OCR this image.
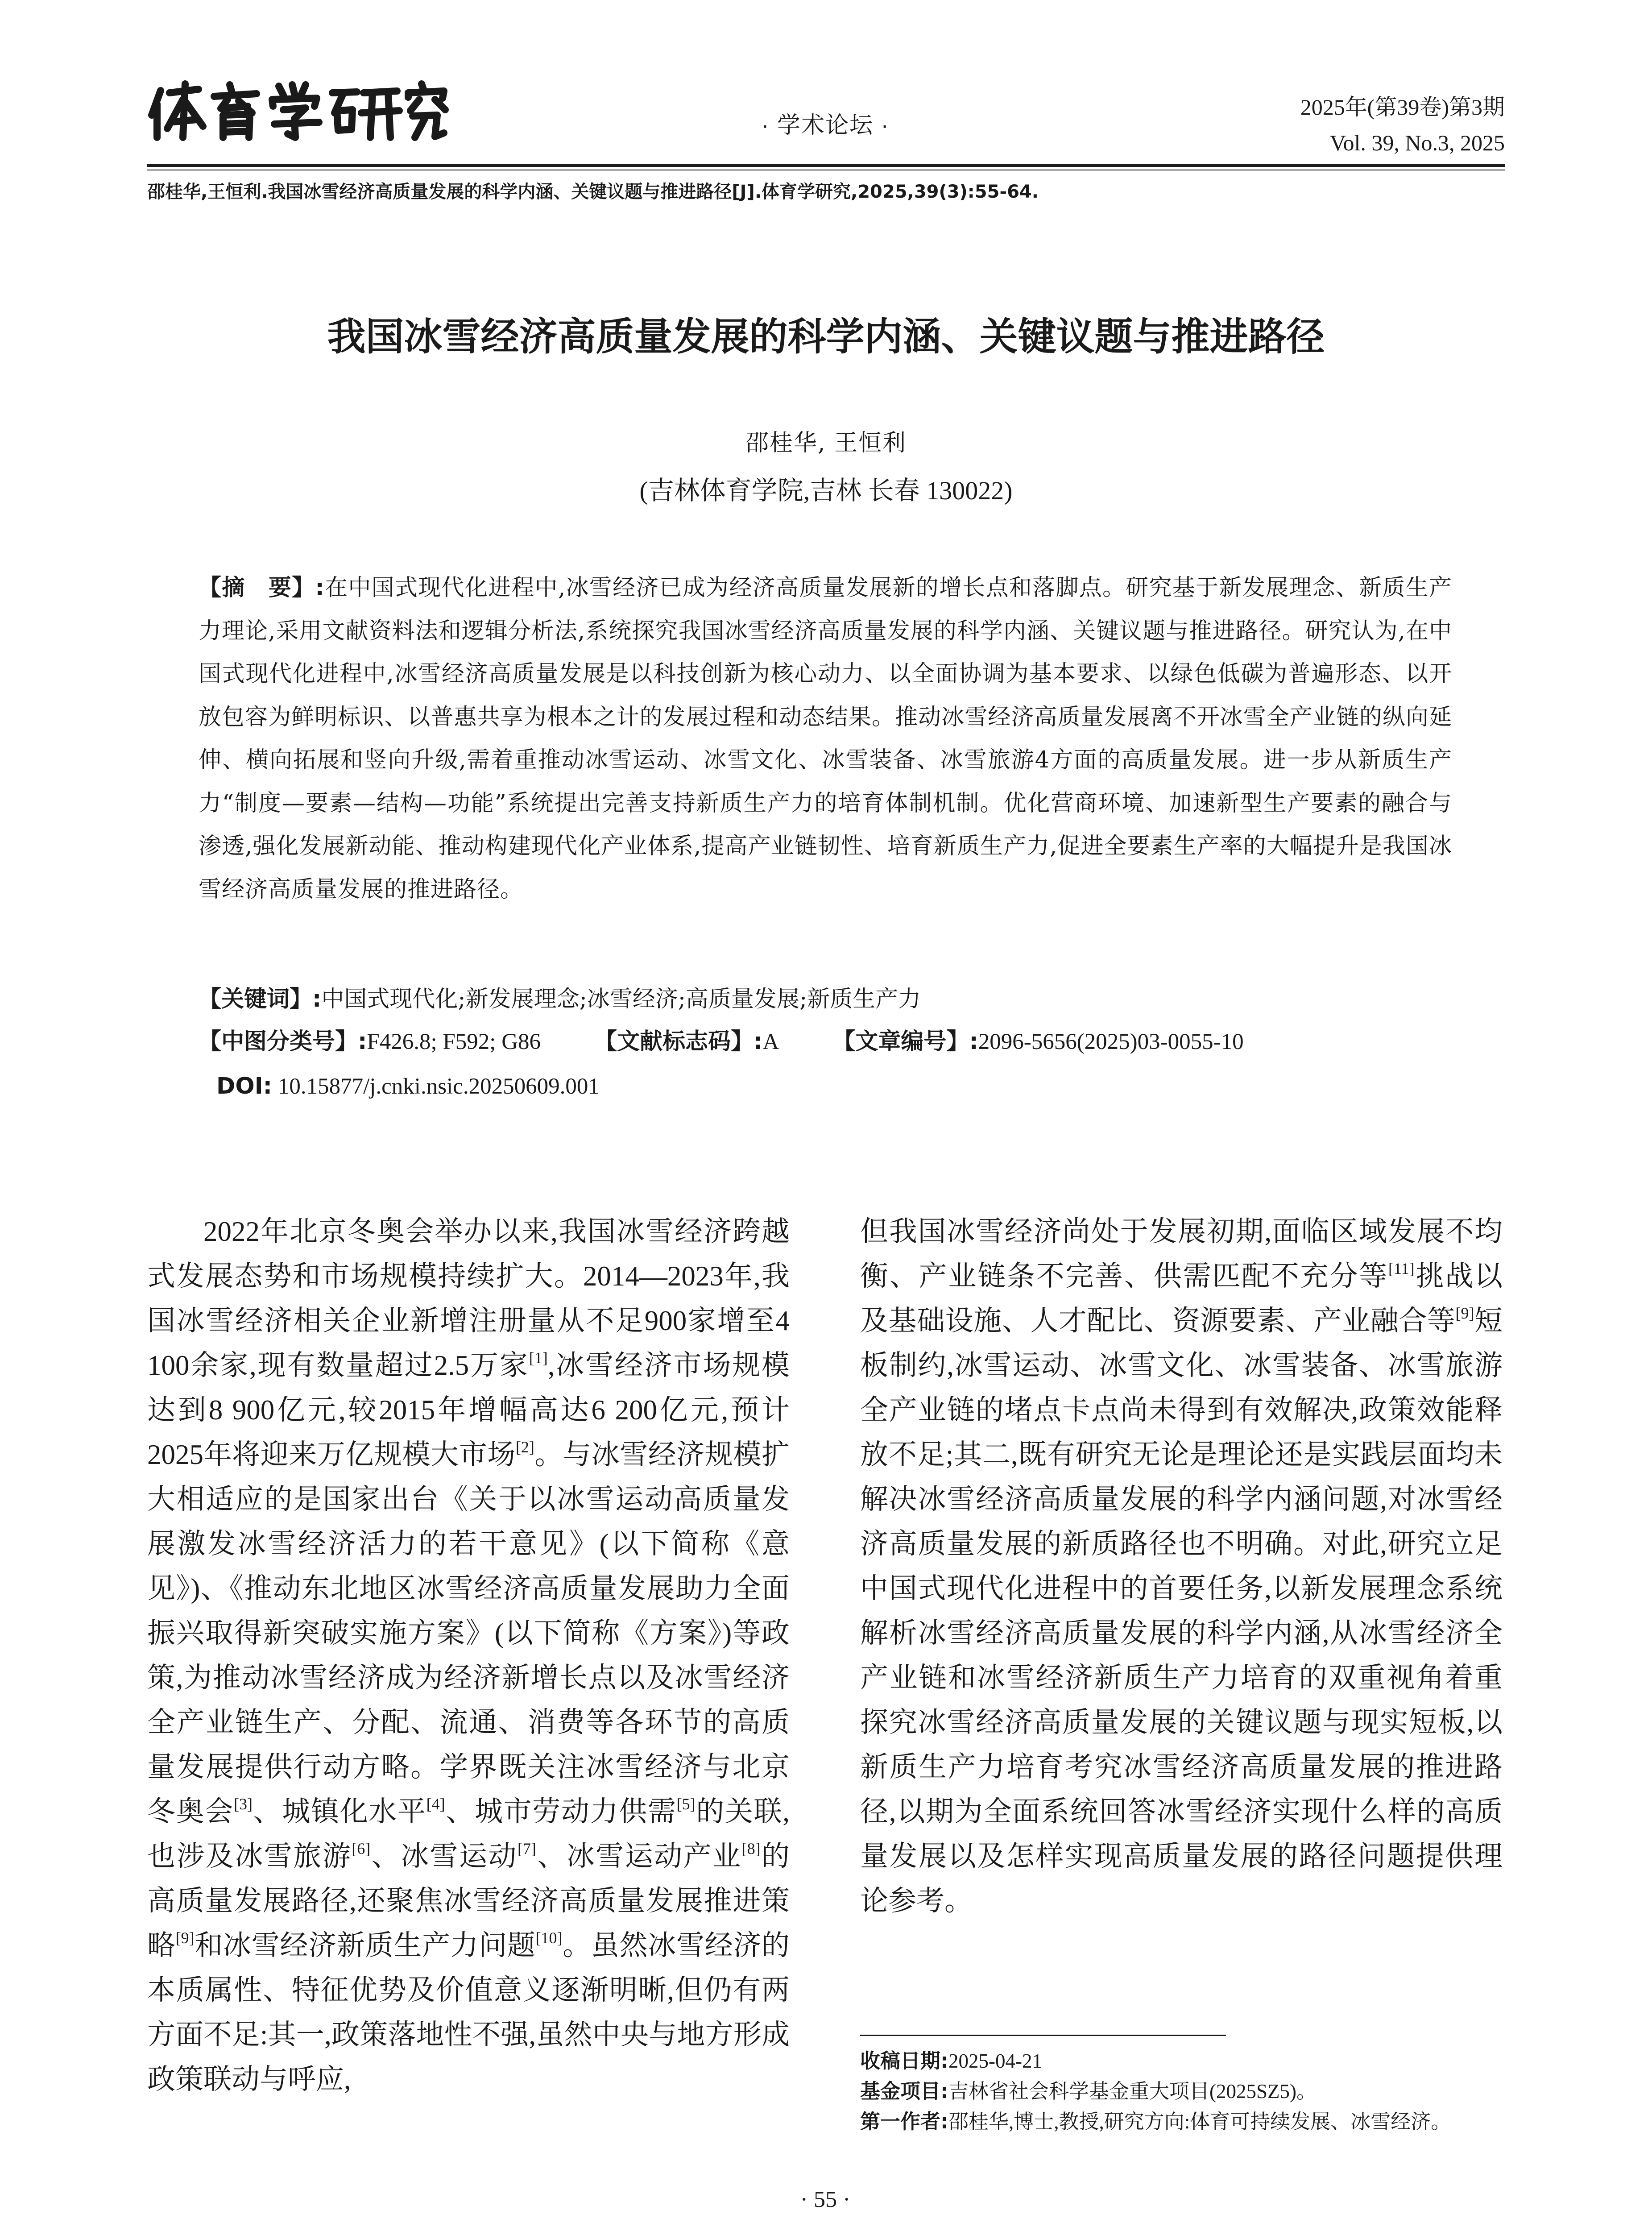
· 学术论坛 ·
2025年(第39卷)第3期
Vol. 39, No.3, 2025
邵桂华,王恒利.我国冰雪经济高质量发展的科学内涵、关键议题与推进路径[J].体育学研究,2025,39(3):55-64.
我国冰雪经济高质量发展的科学内涵、关键议题与推进路径
邵桂华, 王恒利
(吉林体育学院,吉林 长春 130022)
【摘　要】:在中国式现代化进程中,冰雪经济已成为经济高质量发展新的增长点和落脚点。研究基于新发展理念、新质生产力理论,采用文献资料法和逻辑分析法,系统探究我国冰雪经济高质量发展的科学内涵、关键议题与推进路径。研究认为,在中国式现代化进程中,冰雪经济高质量发展是以科技创新为核心动力、以全面协调为基本要求、以绿色低碳为普遍形态、以开放包容为鲜明标识、以普惠共享为根本之计的发展过程和动态结果。推动冰雪经济高质量发展离不开冰雪全产业链的纵向延伸、横向拓展和竖向升级,需着重推动冰雪运动、冰雪文化、冰雪装备、冰雪旅游4方面的高质量发展。进一步从新质生产力“制度—要素—结构—功能”系统提出完善支持新质生产力的培育体制机制。优化营商环境、加速新型生产要素的融合与渗透,强化发展新动能、推动构建现代化产业体系,提高产业链韧性、培育新质生产力,促进全要素生产率的大幅提升是我国冰雪经济高质量发展的推进路径。
【关键词】:中国式现代化;新发展理念;冰雪经济;高质量发展;新质生产力
【中图分类号】:F426.8; F592; G86 【文献标志码】:A 【文章编号】:2096-5656(2025)03-0055-10
DOI: 10.15877/j.cnki.nsic.20250609.001

2022年北京冬奥会举办以来,我国冰雪经济跨越式发展态势和市场规模持续扩大。2014—2023年,我国冰雪经济相关企业新增注册量从不足900家增至4 100余家,现有数量超过2.5万家[1],冰雪经济市场规模达到8 900亿元,较2015年增幅高达6 200亿元,预计2025年将迎来万亿规模大市场[2]。与冰雪经济规模扩大相适应的是国家出台《关于以冰雪运动高质量发展激发冰雪经济活力的若干意见》(以下简称《意见》)、《推动东北地区冰雪经济高质量发展助力全面振兴取得新突破实施方案》(以下简称《方案》)等政策,为推动冰雪经济成为经济新增长点以及冰雪经济全产业链生产、分配、流通、消费等各环节的高质量发展提供行动方略。学界既关注冰雪经济与北京冬奥会[3]、城镇化水平[4]、城市劳动力供需[5]的关联,也涉及冰雪旅游[6]、冰雪运动[7]、冰雪运动产业[8]的高质量发展路径,还聚焦冰雪经济高质量发展推进策略[9]和冰雪经济新质生产力问题[10]。虽然冰雪经济的本质属性、特征优势及价值意义逐渐明晰,但仍有两方面不足:其一,政策落地性不强,虽然中央与地方形成政策联动与呼应,

但我国冰雪经济尚处于发展初期,面临区域发展不均衡、产业链条不完善、供需匹配不充分等[11]挑战以及基础设施、人才配比、资源要素、产业融合等[9]短板制约,冰雪运动、冰雪文化、冰雪装备、冰雪旅游全产业链的堵点卡点尚未得到有效解决,政策效能释放不足;其二,既有研究无论是理论还是实践层面均未解决冰雪经济高质量发展的科学内涵问题,对冰雪经济高质量发展的新质路径也不明确。对此,研究立足中国式现代化进程中的首要任务,以新发展理念系统解析冰雪经济高质量发展的科学内涵,从冰雪经济全产业链和冰雪经济新质生产力培育的双重视角着重探究冰雪经济高质量发展的关键议题与现实短板,以新质生产力培育考究冰雪经济高质量发展的推进路径,以期为全面系统回答冰雪经济实现什么样的高质量发展以及怎样实现高质量发展的路径问题提供理论参考。

收稿日期:2025-04-21
基金项目:吉林省社会科学基金重大项目(2025SZ5)。
第一作者:邵桂华,博士,教授,研究方向:体育可持续发展、冰雪经济。
· 55 ·
